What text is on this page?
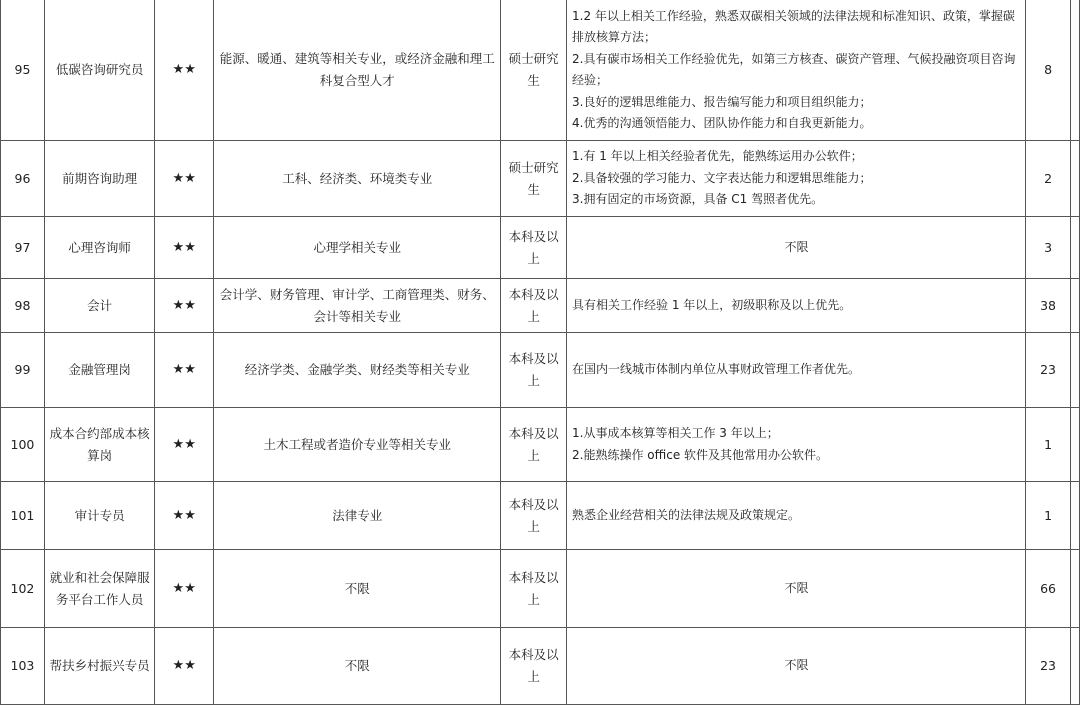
95	低碳咨询研究员	★★	能源、暖通、建筑等相关专业，或经济金融和理工科复合型人才	硕士研究生	1.2 年以上相关工作经验，熟悉双碳相关领域的法律法规和标准知识、政策，掌握碳排放核算方法；
2.具有碳市场相关工作经验优先，如第三方核查、碳资产管理、气候投融资项目咨询经验；
3.良好的逻辑思维能力、报告编写能力和项目组织能力；
4.优秀的沟通领悟能力、团队协作能力和自我更新能力。	8	
96	前期咨询助理	★★	工科、经济类、环境类专业	硕士研究生	1.有 1 年以上相关经验者优先，能熟练运用办公软件；
2.具备较强的学习能力、文字表达能力和逻辑思维能力；
3.拥有固定的市场资源，具备 C1 驾照者优先。	2	
97	心理咨询师	★★	心理学相关专业	本科及以上	不限	3	
98	会计	★★	会计学、财务管理、审计学、工商管理类、财务、会计等相关专业	本科及以上	具有相关工作经验 1 年以上，初级职称及以上优先。	38	
99	金融管理岗	★★	经济学类、金融学类、财经类等相关专业	本科及以上	在国内一线城市体制内单位从事财政管理工作者优先。	23	
100	成本合约部成本核算岗	★★	土木工程或者造价专业等相关专业	本科及以上	1.从事成本核算等相关工作 3 年以上；
2.能熟练操作 office 软件及其他常用办公软件。	1	
101	审计专员	★★	法律专业	本科及以上	熟悉企业经营相关的法律法规及政策规定。	1	
102	就业和社会保障服务平台工作人员	★★	不限	本科及以上	不限	66	
103	帮扶乡村振兴专员	★★	不限	本科及以上	不限	23	
